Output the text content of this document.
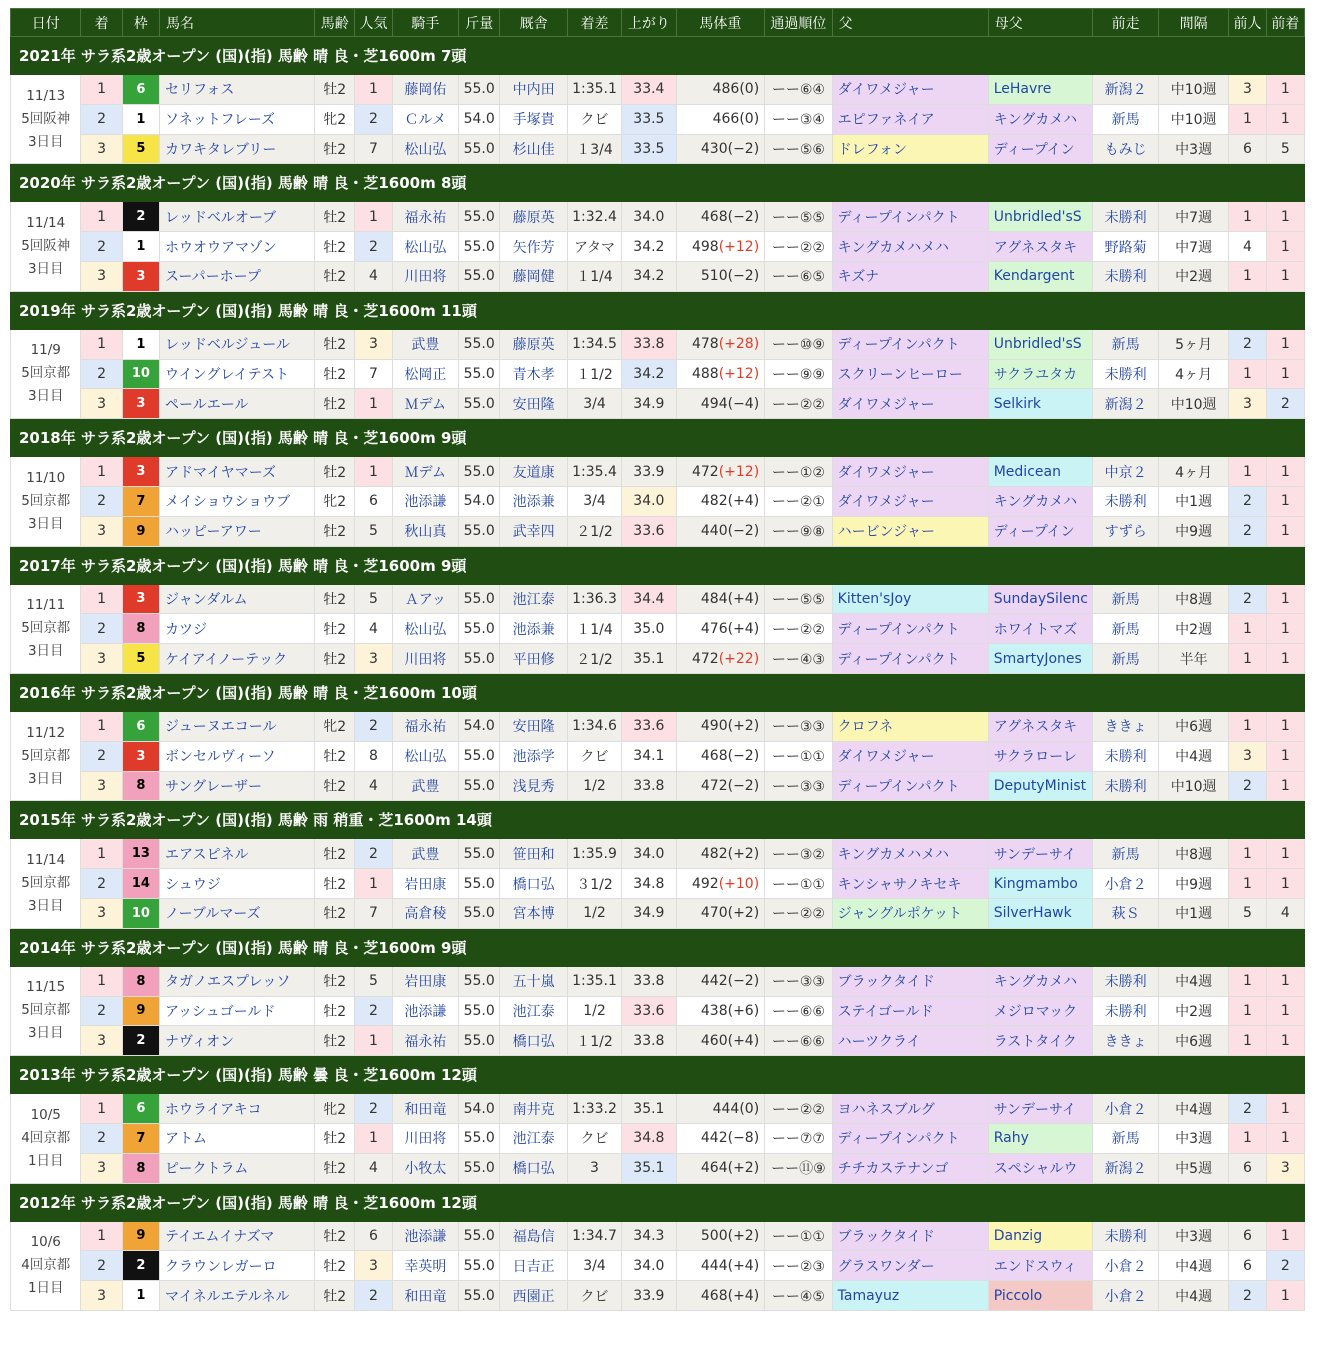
日付	着	枠	馬名	馬齢	人気	騎手	斤量	厩舎	着差	上がり	馬体重	通過順位	父	母父	前走	間隔	前人	前着
2021年 サラ系2歳オープン (国)(指) 馬齢 晴 良・芝1600m 7頭																		

11/13
5回阪神
3日目	1	6	セリフォス	牡2	1	藤岡佑	55.0	中内田	1:35.1	33.4	486(0)	ーー⑥④	ダイワメジャー	LeHavre	新潟２	中10週	3	1
	2	1	ソネットフレーズ	牝2	2	Ｃルメ	54.0	手塚貴	クビ	33.5	466(0)	ーー③④	エピファネイア	キングカメハ	新馬	中10週	1	1
	3	5	カワキタレブリー	牡2	7	松山弘	55.0	杉山佳	１3/4	33.5	430(−2)	ーー⑤⑥	ドレフォン	ディープイン	もみじ	中3週	6	5
2020年 サラ系2歳オープン (国)(指) 馬齢 晴 良・芝1600m 8頭																		

11/14
5回阪神
3日目	1	2	レッドベルオーブ	牡2	1	福永祐	55.0	藤原英	1:32.4	34.0	468(−2)	ーー⑤⑤	ディープインパクト	Unbridled'sS	未勝利	中7週	1	1
	2	1	ホウオウアマゾン	牡2	2	松山弘	55.0	矢作芳	アタマ	34.2	498(+12)	ーー②②	キングカメハメハ	アグネスタキ	野路菊	中7週	4	1
	3	3	スーパーホープ	牡2	4	川田将	55.0	藤岡健	１1/4	34.2	510(−2)	ーー⑥⑤	キズナ	Kendargent	未勝利	中2週	1	1
2019年 サラ系2歳オープン (国)(指) 馬齢 晴 良・芝1600m 11頭																		

11/9
5回京都
3日目	1	1	レッドベルジュール	牡2	3	武豊	55.0	藤原英	1:34.5	33.8	478(+28)	ーー⑩⑨	ディープインパクト	Unbridled'sS	新馬	5ヶ月	2	1
	2	10	ウイングレイテスト	牡2	7	松岡正	55.0	青木孝	１1/2	34.2	488(+12)	ーー⑨⑨	スクリーンヒーロー	サクラユタカ	未勝利	4ヶ月	1	1
	3	3	ペールエール	牡2	1	Ｍデム	55.0	安田隆	3/4	34.9	494(−4)	ーー②②	ダイワメジャー	Selkirk	新潟２	中10週	3	2
2018年 サラ系2歳オープン (国)(指) 馬齢 晴 良・芝1600m 9頭																		

11/10
5回京都
3日目	1	3	アドマイヤマーズ	牡2	1	Ｍデム	55.0	友道康	1:35.4	33.9	472(+12)	ーー①②	ダイワメジャー	Medicean	中京２	4ヶ月	1	1
	2	7	メイショウショウブ	牝2	6	池添謙	54.0	池添兼	3/4	34.0	482(+4)	ーー②①	ダイワメジャー	キングカメハ	未勝利	中1週	2	1
	3	9	ハッピーアワー	牡2	5	秋山真	55.0	武幸四	２1/2	33.6	440(−2)	ーー⑨⑧	ハービンジャー	ディープイン	すずら	中9週	2	1
2017年 サラ系2歳オープン (国)(指) 馬齢 晴 良・芝1600m 9頭																		

11/11
5回京都
3日目	1	3	ジャンダルム	牡2	5	Ａアッ	55.0	池江泰	1:36.3	34.4	484(+4)	ーー⑤⑤	Kitten'sJoy	SundaySilenc	新馬	中8週	2	1
	2	8	カツジ	牡2	4	松山弘	55.0	池添兼	１1/4	35.0	476(+4)	ーー②②	ディープインパクト	ホワイトマズ	新馬	中2週	1	1
	3	5	ケイアイノーテック	牡2	3	川田将	55.0	平田修	２1/2	35.1	472(+22)	ーー④③	ディープインパクト	SmartyJones	新馬	半年	1	1
2016年 サラ系2歳オープン (国)(指) 馬齢 晴 良・芝1600m 10頭																		

11/12
5回京都
3日目	1	6	ジューヌエコール	牝2	2	福永祐	54.0	安田隆	1:34.6	33.6	490(+2)	ーー③③	クロフネ	アグネスタキ	ききょ	中6週	1	1
	2	3	ボンセルヴィーソ	牡2	8	松山弘	55.0	池添学	クビ	34.1	468(−2)	ーー①①	ダイワメジャー	サクラローレ	未勝利	中4週	3	1
	3	8	サングレーザー	牡2	4	武豊	55.0	浅見秀	1/2	33.8	472(−2)	ーー③③	ディープインパクト	DeputyMinist	未勝利	中10週	2	1
2015年 サラ系2歳オープン (国)(指) 馬齢 雨 稍重・芝1600m 14頭																		

11/14
5回京都
3日目	1	13	エアスピネル	牡2	2	武豊	55.0	笹田和	1:35.9	34.0	482(+2)	ーー③②	キングカメハメハ	サンデーサイ	新馬	中8週	1	1
	2	14	シュウジ	牡2	1	岩田康	55.0	橋口弘	３1/2	34.8	492(+10)	ーー①①	キンシャサノキセキ	Kingmambo	小倉２	中9週	1	1
	3	10	ノーブルマーズ	牡2	7	高倉稜	55.0	宮本博	1/2	34.9	470(+2)	ーー②②	ジャングルポケット	SilverHawk	萩Ｓ	中1週	5	4
2014年 サラ系2歳オープン (国)(指) 馬齢 晴 良・芝1600m 9頭																		

11/15
5回京都
3日目	1	8	タガノエスプレッソ	牡2	5	岩田康	55.0	五十嵐	1:35.1	33.8	442(−2)	ーー③③	ブラックタイド	キングカメハ	未勝利	中4週	1	1
	2	9	アッシュゴールド	牡2	2	池添謙	55.0	池江泰	1/2	33.6	438(+6)	ーー⑥⑥	ステイゴールド	メジロマック	未勝利	中2週	1	1
	3	2	ナヴィオン	牡2	1	福永祐	55.0	橋口弘	１1/2	33.8	460(+4)	ーー⑥⑥	ハーツクライ	ラストタイク	ききょ	中6週	1	1
2013年 サラ系2歳オープン (国)(指) 馬齢 曇 良・芝1600m 12頭																		

10/5
4回京都
1日目	1	6	ホウライアキコ	牝2	2	和田竜	54.0	南井克	1:33.2	35.1	444(0)	ーー②②	ヨハネスブルグ	サンデーサイ	小倉２	中4週	2	1
	2	7	アトム	牡2	1	川田将	55.0	池江泰	クビ	34.8	442(−8)	ーー⑦⑦	ディープインパクト	Rahy	新馬	中3週	1	1
	3	8	ピークトラム	牡2	4	小牧太	55.0	橋口弘	3	35.1	464(+2)	ーー⑪⑨	チチカステナンゴ	スペシャルウ	新潟２	中5週	6	3
2012年 サラ系2歳オープン (国)(指) 馬齢 晴 良・芝1600m 12頭																		

10/6
4回京都
1日目	1	9	テイエムイナズマ	牡2	6	池添謙	55.0	福島信	1:34.7	34.3	500(+2)	ーー①①	ブラックタイド	Danzig	未勝利	中3週	6	1
	2	2	クラウンレガーロ	牡2	3	幸英明	55.0	日吉正	3/4	34.0	444(+4)	ーー②③	グラスワンダー	エンドスウィ	小倉２	中4週	6	2
	3	1	マイネルエテルネル	牡2	2	和田竜	55.0	西園正	クビ	33.9	468(+4)	ーー④⑤	Tamayuz	Piccolo	小倉２	中4週	2	1
